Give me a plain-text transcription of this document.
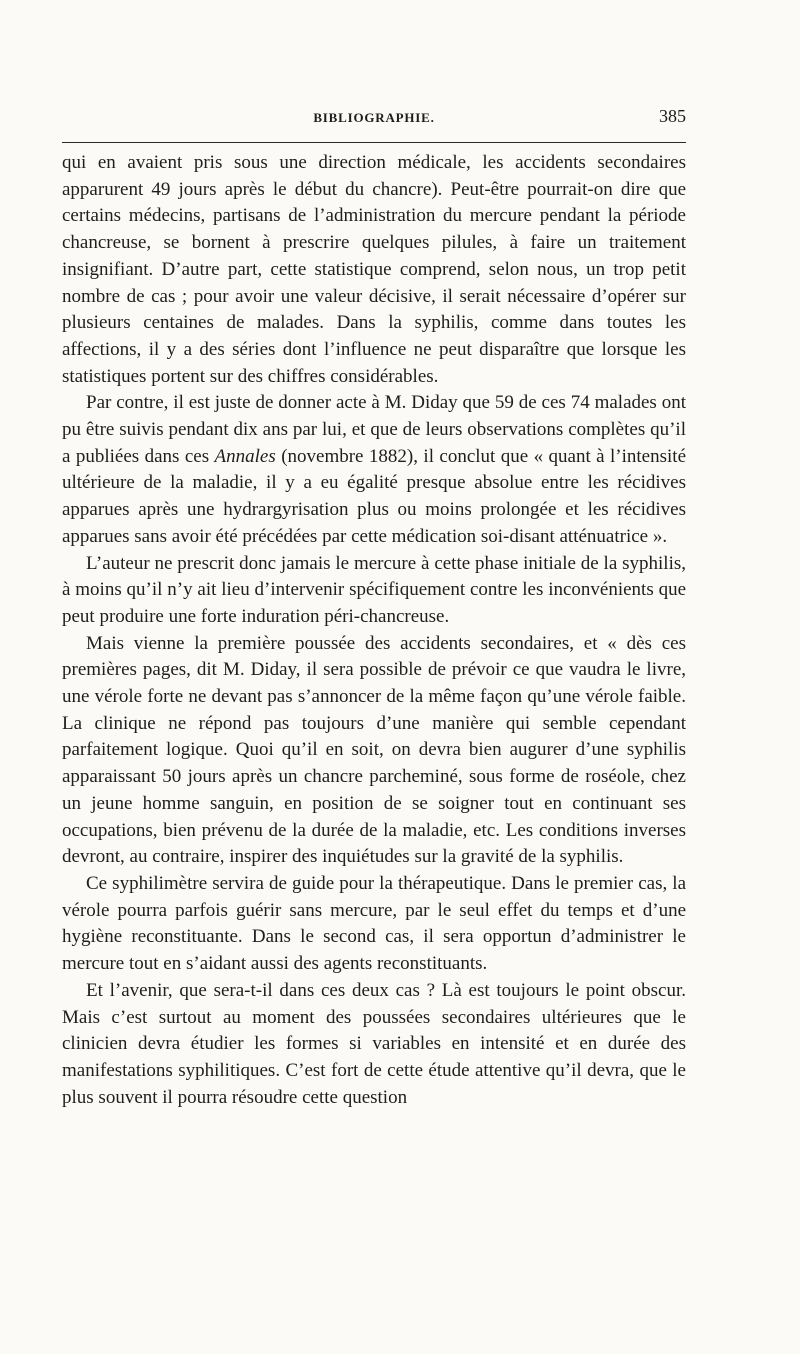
BIBLIOGRAPHIE.	385

qui en avaient pris sous une direction médicale, les accidents secondaires apparurent 49 jours après le début du chancre). Peut-être pourrait-on dire que certains médecins, partisans de l’administration du mercure pendant la période chancreuse, se bornent à prescrire quelques pilules, à faire un traitement insignifiant. D’autre part, cette statistique comprend, selon nous, un trop petit nombre de cas ; pour avoir une valeur décisive, il serait nécessaire d’opérer sur plusieurs centaines de malades. Dans la syphilis, comme dans toutes les affections, il y a des séries dont l’influence ne peut disparaître que lorsque les statistiques portent sur des chiffres considérables.

Par contre, il est juste de donner acte à M. Diday que 59 de ces 74 malades ont pu être suivis pendant dix ans par lui, et que de leurs observations complètes qu’il a publiées dans ces Annales (novembre 1882), il conclut que « quant à l’intensité ultérieure de la maladie, il y a eu égalité presque absolue entre les récidives apparues après une hydrargyrisation plus ou moins prolongée et les récidives apparues sans avoir été précédées par cette médication soi-disant atténuatrice ».

L’auteur ne prescrit donc jamais le mercure à cette phase initiale de la syphilis, à moins qu’il n’y ait lieu d’intervenir spécifiquement contre les inconvénients que peut produire une forte induration péri-chancreuse.

Mais vienne la première poussée des accidents secondaires, et « dès ces premières pages, dit M. Diday, il sera possible de prévoir ce que vaudra le livre, une vérole forte ne devant pas s’annoncer de la même façon qu’une vérole faible. La clinique ne répond pas toujours d’une manière qui semble cependant parfaitement logique. Quoi qu’il en soit, on devra bien augurer d’une syphilis apparaissant 50 jours après un chancre parcheminé, sous forme de roséole, chez un jeune homme sanguin, en position de se soigner tout en continuant ses occupations, bien prévenu de la durée de la maladie, etc. Les conditions inverses devront, au contraire, inspirer des inquiétudes sur la gravité de la syphilis.

Ce syphilimètre servira de guide pour la thérapeutique. Dans le premier cas, la vérole pourra parfois guérir sans mercure, par le seul effet du temps et d’une hygiène reconstituante. Dans le second cas, il sera opportun d’administrer le mercure tout en s’aidant aussi des agents reconstituants.

Et l’avenir, que sera-t-il dans ces deux cas ? Là est toujours le point obscur. Mais c’est surtout au moment des poussées secondaires ultérieures que le clinicien devra étudier les formes si variables en intensité et en durée des manifestations syphilitiques. C’est fort de cette étude attentive qu’il devra, que le plus souvent il pourra résoudre cette question
